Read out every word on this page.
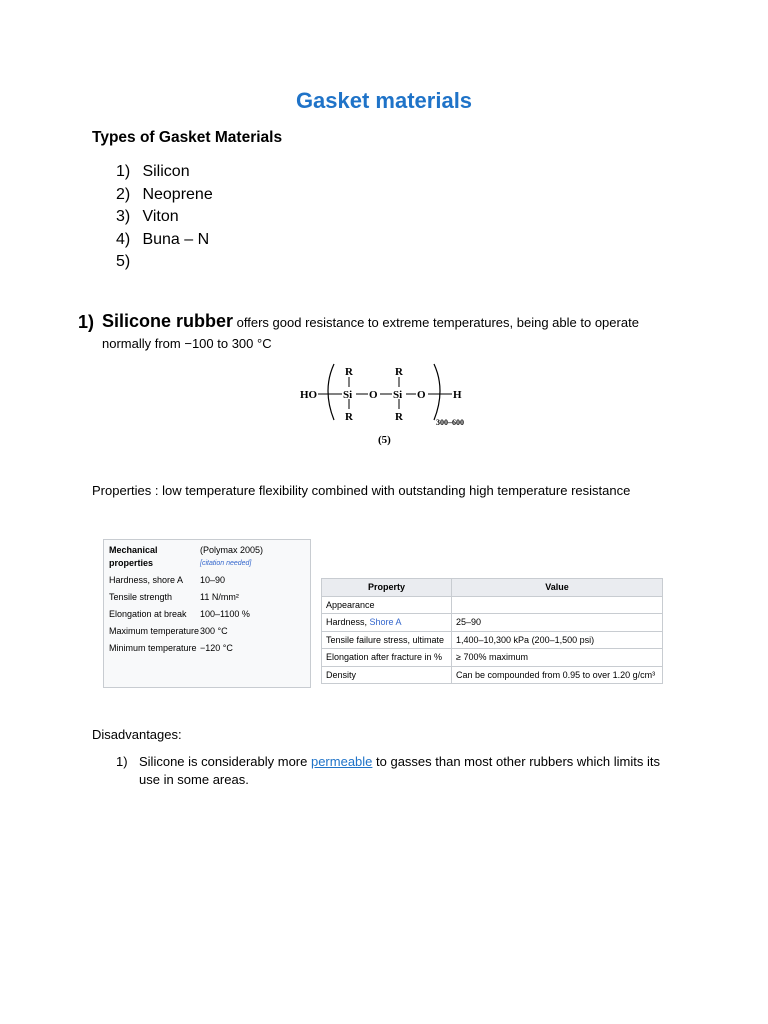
Gasket materials
Types of Gasket Materials
1) Silicon
2) Neoprene
3) Viton
4) Buna – N
5)
1) Silicone rubber offers good resistance to extreme temperatures, being able to operate
normally from −100 to 300 °C
HO
R	R
Si O Si O H
R	R	300–600
(5)
Properties : low temperature flexibility combined with outstanding high temperature resistance
Mechanical properties	(Polymax 2005)
[citation needed]

Hardness, shore A	10–90
Tensile strength	11 N/mm²
Elongation at break	100–1100 %
Maximum temperature	300 °C
Minimum temperature	−120 °C
Property	Value
Appearance	
Hardness, Shore A	25–90
Tensile failure stress, ultimate	1,400–10,300 kPa (200–1,500 psi)
Elongation after fracture in %	≥ 700% maximum
Density	Can be compounded from 0.95 to over 1.20 g/cm³
Disadvantages:
1) Silicone is considerably more permeable to gasses than most other rubbers which limits its use in some areas.
